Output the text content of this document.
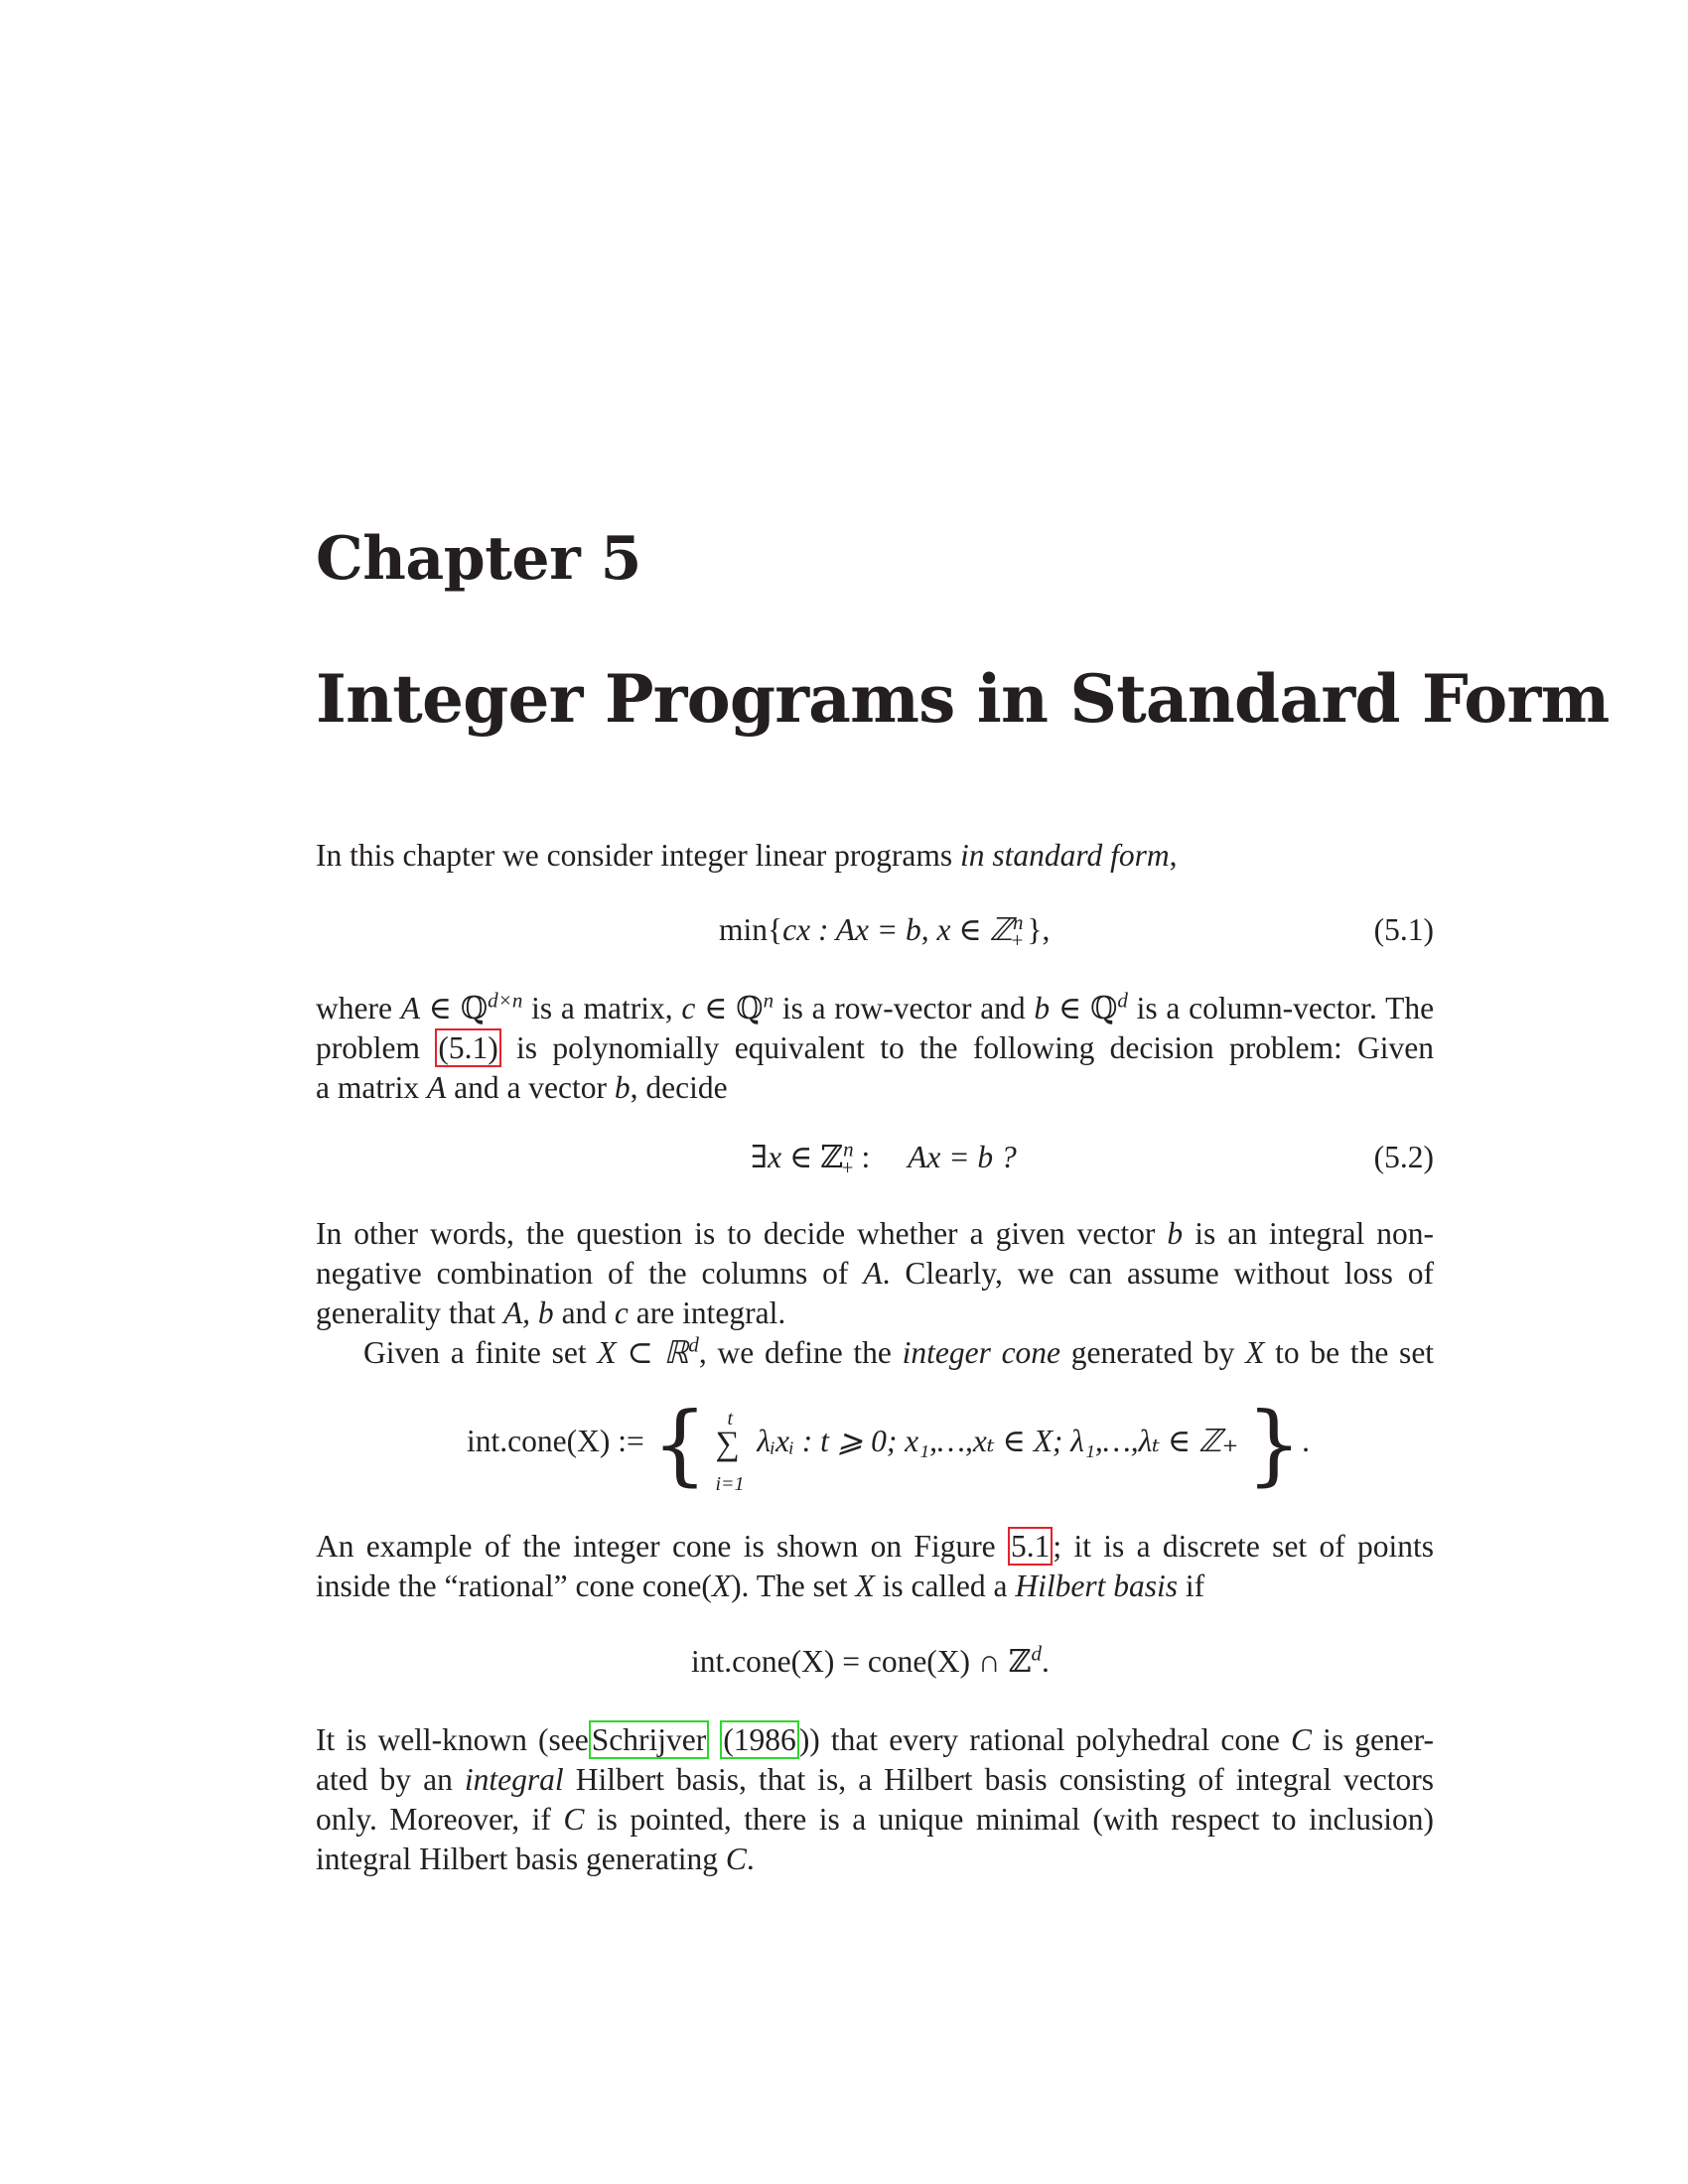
Chapter 5
Integer Programs in Standard Form
In this chapter we consider integer linear programs in standard form,
min{cx : Ax = b, x ∈ ℤ$^n_+$ },	(5.1)
where A ∈ ℚ$^{d\times n}$ is a matrix, c ∈ ℚ$^n$ is a row-vector and b ∈ ℚ$^d$ is a column-vector. The
problem (5.1) is polynomially equivalent to the following decision problem: Given
a matrix A and a vector b, decide
∃x ∈ ℤ$^n_+$ : Ax = b ?	(5.2)
In other words, the question is to decide whether a given vector b is an integral non-
negative combination of the columns of A. Clearly, we can assume without loss of
generality that A, b and c are integral.
Given a finite set X ⊂ ℝ$^d$, we define the integer cone generated by X to be the set
int.cone(X) := { t
∑
i=1
λᵢxᵢ : t ⩾ 0; x₁,…,xₜ ∈ X; λ₁,…,λₜ ∈ ℤ₊ }.
An example of the integer cone is shown on Figure 5.1; it is a discrete set of points
inside the “rational” cone cone(X). The set X is called a Hilbert basis if
int.cone(X) = cone(X) ∩ ℤ$^d$.
It is well-known (seeSchrijver (1986)) that every rational polyhedral cone C is gener-
ated by an integral Hilbert basis, that is, a Hilbert basis consisting of integral vectors
only. Moreover, if C is pointed, there is a unique minimal (with respect to inclusion)
integral Hilbert basis generating C.
